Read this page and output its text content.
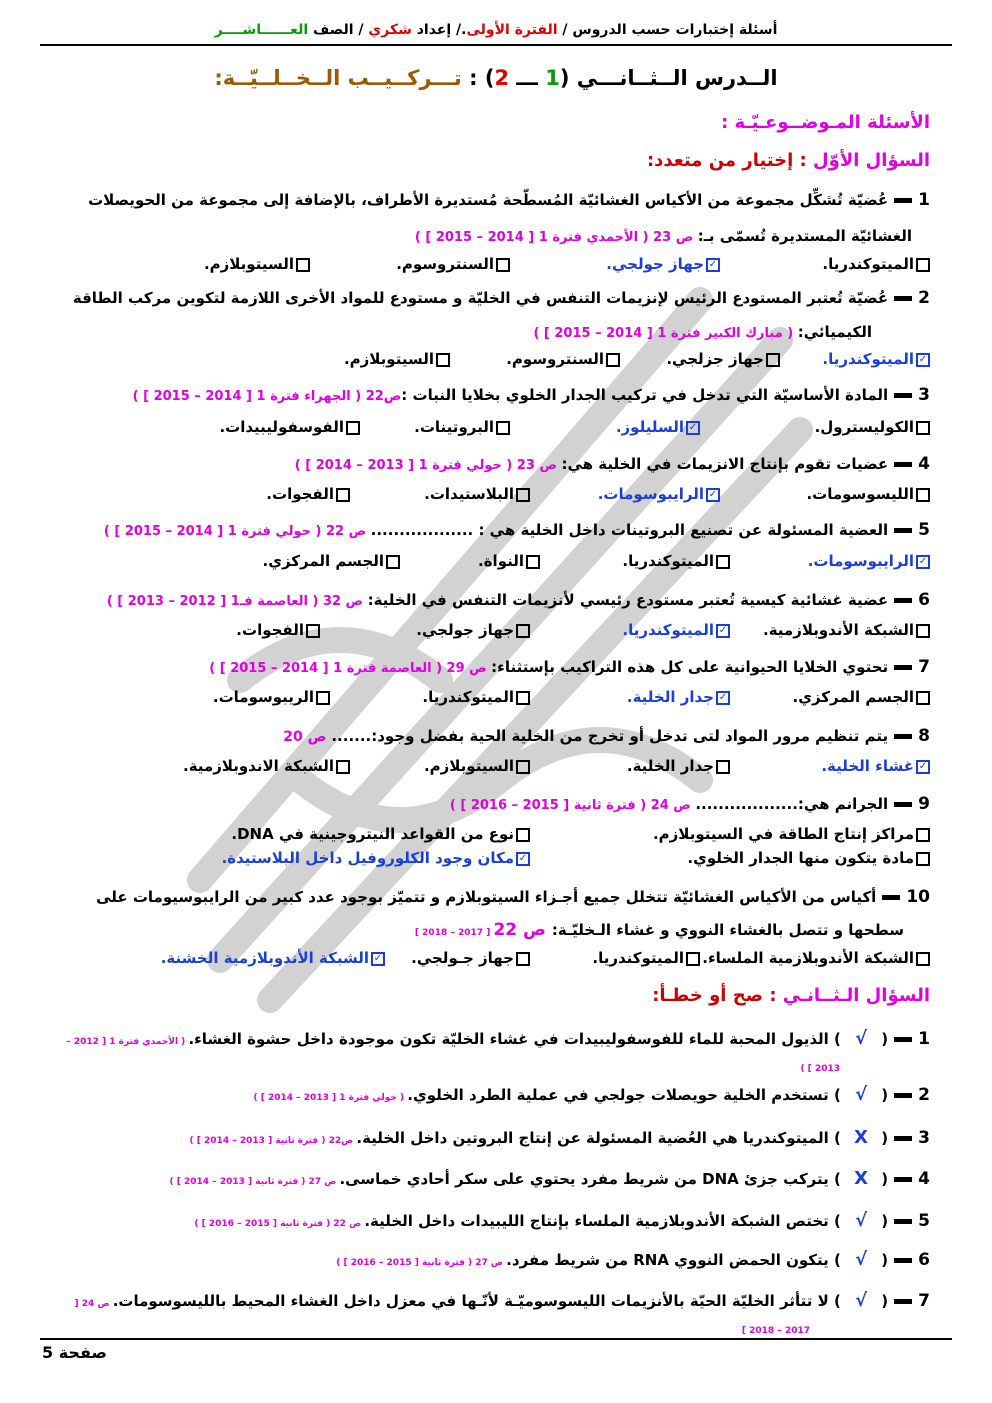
أسئلة إختبارات حسب الدروس / الفترة الأولى./ إعداد شكري / الصف العــــــاشــــر
الــدرس الــثــانـــي (1 ـــ 2) : تـــركــيــب الــخــلــيّــة:
الأسئلة المـوضــوعـيّـة :
السؤال الأوّل : إختيار من متعدد:
1عُضيّة تُشكِّل مجموعة من الأكياس الغشائيّة المُسطّحة مُستديرة الأطراف، بالإضافة إلى مجموعة من الحويصلات
الغشائيّة المستديرة تُسمّى بـ: ص 23 ( الأحمدي فترة 1 [ 2014 – 2015 ] )
الميتوكندريا.
✓جهاز جولجي.
السنتروسوم.
السيتوبلازم.
2عُضيّة تُعتبر المستودع الرئيس لإنزيمات التنفس في الخليّة و مستودع للمواد الأخرى اللازمة لتكوين مركب الطاقة
الكيميائي: ( مبارك الكبير فترة 1 [ 2014 – 2015 ] )
✓الميتوكندريا.
جهاز جزلجي.
السنتروسوم.
السيتوبلازم.
3المادة الأساسيّة التي تدخل في تركيب الجدار الخلوي بخلايا النبات :ص22 ( الجهراء فترة 1 [ 2014 – 2015 ] )
الكوليسترول.
✓السليلوز.
البروتينات.
الفوسفوليبيدات.
4عضيات تقوم بإنتاج الانزيمات في الخلية هي: ص 23 ( حولي فترة 1 [ 2013 – 2014 ] )
الليسوسومات.
✓الرايبوسومات.
البلاستيدات.
الفجوات.
5العضية المسئولة عن تصنيع البروتينات داخل الخلية هي : .................. ص 22 ( حولي فترة 1 [ 2014 – 2015 ] )
✓الرايبوسومات.
الميتوكندريا.
النواة.
الجسم المركزي.
6عضية غشائية كيسية تُعتبر مستودع رئيسي لأنزيمات التنفس في الخلية: ص 32 ( العاصمة فـ1 [ 2012 – 2013 ] )
الشبكة الأندوبلازمية.
✓الميتوكندريا.
جهاز جولجي.
الفجوات.
7تحتوي الخلايا الحيوانية على كل هذه التراكيب بإستثناء: ص 29 ( العاصمة فترة 1 [ 2014 – 2015 ] )
الجسم المركزي.
✓جدار الخلية.
الميتوكندريا.
الريبوسومات.
8يتم تنظيم مرور المواد لتى تدخل أو تخرج من الخلية الحية بفضل وجود:....... ص 20
✓غشاء الخلية.
جدار الخلية.
السيتوبلازم.
الشبكة الاندوبلازمية.
9الجرانم هي:.................. ص 24 ( فترة ثانية [ 2015 – 2016 ] )
مراكز إنتاج الطاقة في السيتوبلازم.
نوع من القواعد النيتروجينية في DNA.
مادة يتكون منها الجدار الخلوي.
✓مكان وجود الكلوروفيل داخل البلاستيدة.
10أكياس من الأكياس الغشائيّة تتخلل جميع أجـزاء السيتوبلازم و تتميّز بوجود عدد كبير من الرايبوسيومات على
سطحها و تتصل بالغشاء النووي و غشاء الـخليّـة: ص 22 [ 2017 – 2018 ]
الشبكة الأندوبلازمية الملساء.
الميتوكندريا.
جهاز جـولجي.
✓الشبكة الأندوبلازمية الخشنة.
السؤال الـثــانـي : صح أو خطـأ:
1( √ ) الذيول المحبة للماء للفوسفوليبيدات في غشاء الخليّة تكون موجودة داخل حشوة الغشاء. ( الأحمدي فترة 1 [ 2012 –
2013 ] )
2( √ ) تستخدم الخلية حويصلات جولجي في عملية الطرد الخلوي. ( حولي فترة 1 [ 2013 – 2014 ] )
3( X ) الميتوكندريا هي العُضية المسئولة عن إنتاج البروتين داخل الخلية. ص22 ( فترة ثانية [ 2013 – 2014 ] )
4( X ) يتركب جزئ DNA من شريط مفرد يحتوي على سكر أحادي خماسى. ص 27 ( فترة ثانية [ 2013 – 2014 ] )
5( √ ) تختص الشبكة الأندوبلازمية الملساء بإنتاج الليبيدات داخل الخلية. ص 22 ( فترة ثانية [ 2015 – 2016 ] )
6( √ ) يتكون الحمض النووي RNA من شريط مفرد. ص 27 ( فترة ثانية [ 2015 – 2016 ] )
7( √ ) لا تتأثر الخليّة الحيّة بالأنزيمات الليسوسوميّـة لأنّـها في معزل داخل الغشاء المحيط بالليسوسومات. ص 24 [
2017 – 2018 ]
صفحة 5
